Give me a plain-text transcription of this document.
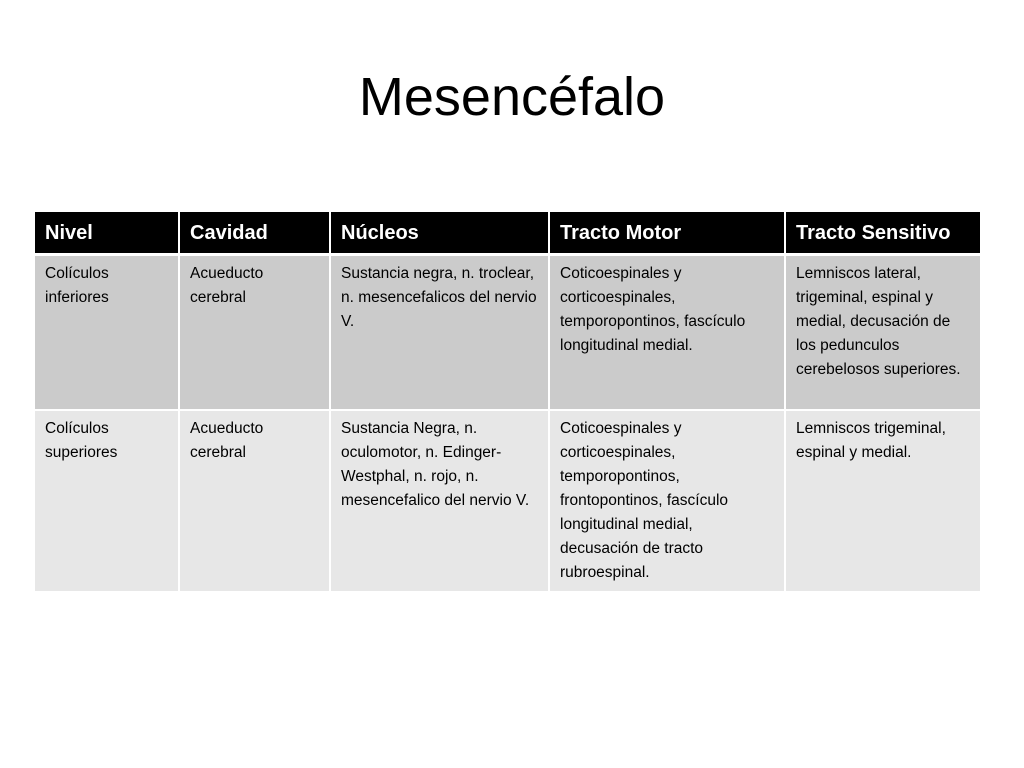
Mesencéfalo
Nivel	Cavidad	Núcleos	Tracto Motor	Tracto Sensitivo
Colículos inferiores	Acueducto cerebral	Sustancia negra, n. troclear, n. mesencefalicos del nervio V.	Coticoespinales y corticoespinales, temporopontinos, fascículo longitudinal medial.	Lemniscos lateral, trigeminal, espinal y medial, decusación de los pedunculos cerebelosos superiores.
Colículos superiores	Acueducto cerebral	Sustancia Negra, n. oculomotor, n. Edinger-Westphal, n. rojo, n. mesencefalico del nervio V.	Coticoespinales y corticoespinales, temporopontinos, frontopontinos, fascículo longitudinal medial, decusación de tracto rubroespinal.	Lemniscos trigeminal, espinal y medial.
